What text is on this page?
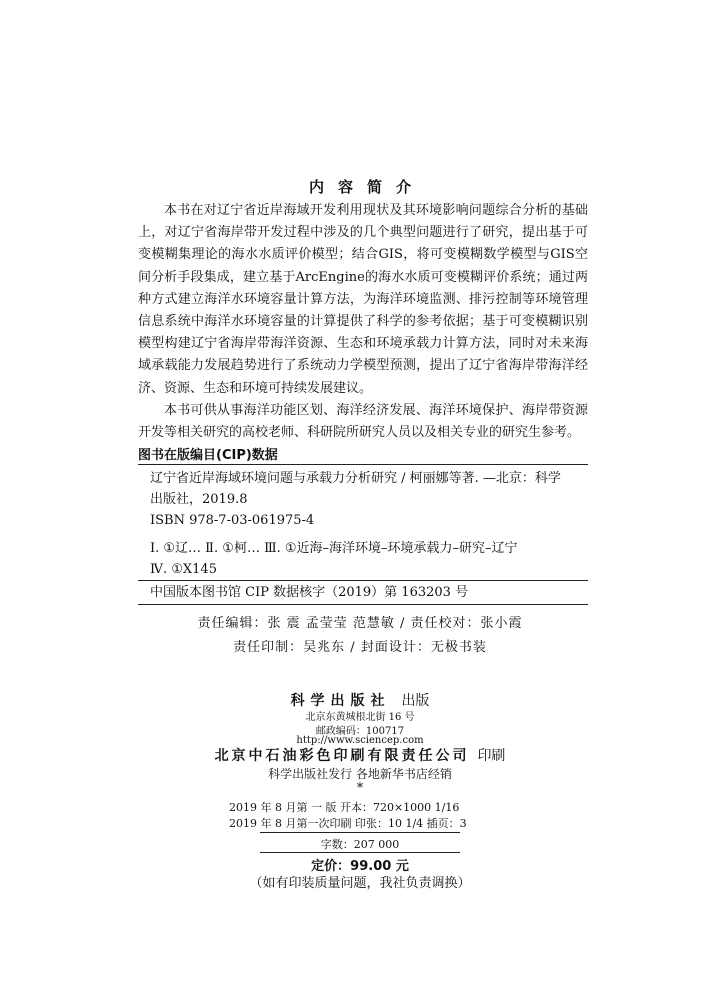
内容简介

本书在对辽宁省近岸海域开发利用现状及其环境影响问题综合分析的基础上，对辽宁省海岸带开发过程中涉及的几个典型问题进行了研究，提出基于可变模糊集理论的海水水质评价模型；结合GIS，将可变模糊数学模型与GIS空间分析手段集成，建立基于ArcEngine的海水水质可变模糊评价系统；通过两种方式建立海洋水环境容量计算方法，为海洋环境监测、排污控制等环境管理信息系统中海洋水环境容量的计算提供了科学的参考依据；基于可变模糊识别模型构建辽宁省海岸带海洋资源、生态和环境承载力计算方法，同时对未来海域承载能力发展趋势进行了系统动力学模型预测，提出了辽宁省海岸带海洋经济、资源、生态和环境可持续发展建议。

本书可供从事海洋功能区划、海洋经济发展、海洋环境保护、海岸带资源开发等相关研究的高校老师、科研院所研究人员以及相关专业的研究生参考。

图书在版编目(CIP)数据
辽宁省近岸海域环境问题与承载力分析研究 / 柯丽娜等著. —北京：科学
出版社，2019.8
ISBN 978-7-03-061975-4
Ⅰ. ①辽… Ⅱ. ①柯… Ⅲ. ①近海–海洋环境–环境承载力–研究–辽宁
Ⅳ. ①X145
中国版本图书馆 CIP 数据核字（2019）第 163203 号
责任编辑：张 震 孟莹莹 范慧敏 / 责任校对：张小霞
责任印制：吴兆东 / 封面设计：无极书装
科学出版社 出版
北京东黄城根北街 16 号
邮政编码：100717
http://www.sciencep.com
北京中石油彩色印刷有限责任公司 印刷
科学出版社发行 各地新华书店经销
*
2019 年 8 月第 一 版 开本：720×1000 1/16
2019 年 8 月第一次印刷 印张：10 1/4 插页：3
字数：207 000
定价：99.00 元
（如有印装质量问题，我社负责调换）
